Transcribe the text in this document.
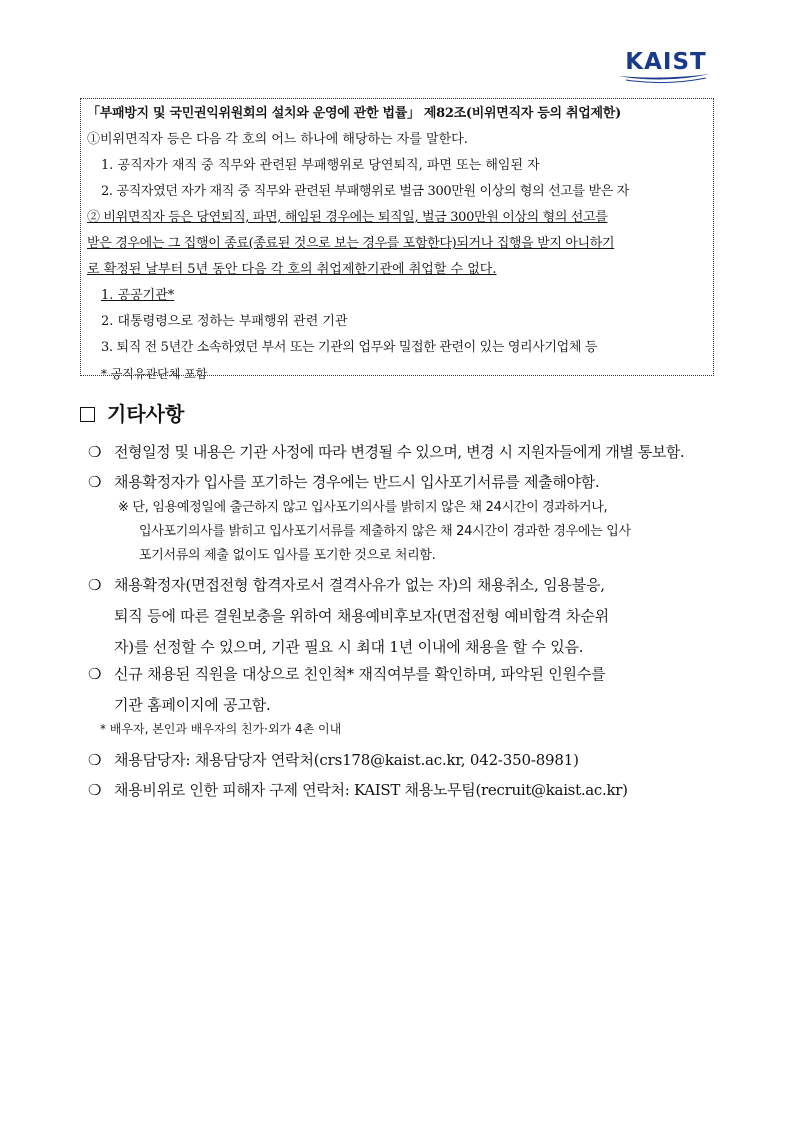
KAIST
「부패방지 및 국민권익위원회의 설치와 운영에 관한 법률」 제82조(비위면직자 등의 취업제한)
①비위면직자 등은 다음 각 호의 어느 하나에 해당하는 자를 말한다.
1. 공직자가 재직 중 직무와 관련된 부패행위로 당연퇴직, 파면 또는 해임된 자
2. 공직자였던 자가 재직 중 직무와 관련된 부패행위로 벌금 300만원 이상의 형의 선고를 받은 자
② 비위면직자 등은 당연퇴직, 파면, 해임된 경우에는 퇴직일, 벌금 300만원 이상의 형의 선고를
받은 경우에는 그 집행이 종료(종료된 것으로 보는 경우를 포함한다)되거나 집행을 받지 아니하기
로 확정된 날부터 5년 동안 다음 각 호의 취업제한기관에 취업할 수 없다.
1. 공공기관*
2. 대통령령으로 정하는 부패행위 관련 기관
3. 퇴직 전 5년간 소속하였던 부서 또는 기관의 업무와 밀접한 관련이 있는 영리사기업체 등
* 공직유관단체 포함
기타사항
❍ 전형일정 및 내용은 기관 사정에 따라 변경될 수 있으며, 변경 시 지원자들에게 개별 통보함.
❍ 채용확정자가 입사를 포기하는 경우에는 반드시 입사포기서류를 제출해야함.
※ 단, 임용예정일에 출근하지 않고 입사포기의사를 밝히지 않은 채 24시간이 경과하거나,
입사포기의사를 밝히고 입사포기서류를 제출하지 않은 채 24시간이 경과한 경우에는 입사
포기서류의 제출 없이도 입사를 포기한 것으로 처리함.
❍ 채용확정자(면접전형 합격자로서 결격사유가 없는 자)의 채용취소, 임용불응,
퇴직 등에 따른 결원보충을 위하여 채용예비후보자(면접전형 예비합격 차순위
자)를 선정할 수 있으며, 기관 필요 시 최대 1년 이내에 채용을 할 수 있음.
❍ 신규 채용된 직원을 대상으로 친인척* 재직여부를 확인하며, 파악된 인원수를
기관 홈페이지에 공고함.
* 배우자, 본인과 배우자의 친가·외가 4촌 이내
❍ 채용담당자: 채용담당자 연락처(crs178@kaist.ac.kr, 042-350-8981)
❍ 채용비위로 인한 피해자 구제 연락처: KAIST 채용노무팀(recruit@kaist.ac.kr)
